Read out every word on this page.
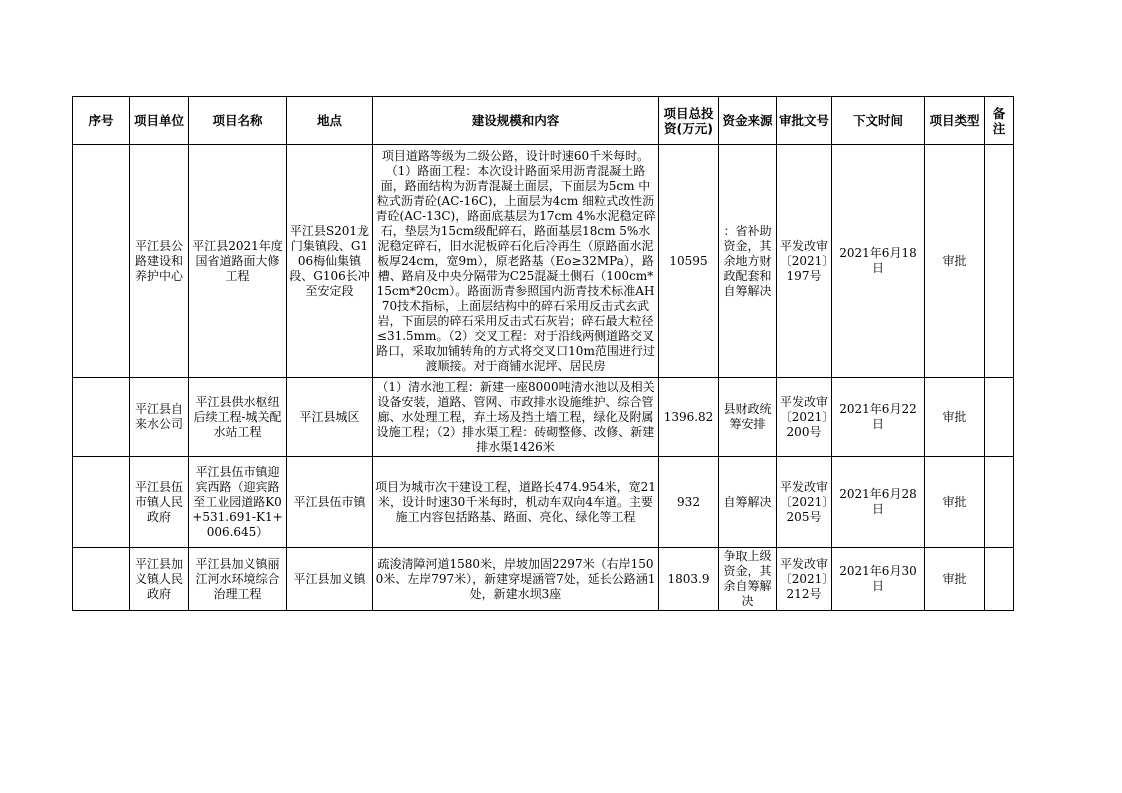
序号	项目单位	项目名称	地点	建设规模和内容	项目总投资(万元)	资金来源	审批文号	下文时间	项目类型	备注
	平江县公路建设和养护中心	平江县2021年度国省道路面大修工程	平江县S201龙门集镇段、G106梅仙集镇段、G106长冲至安定段	项目道路等级为二级公路，设计时速60千米每时。（1）路面工程：本次设计路面采用沥青混凝土路面，路面结构为沥青混凝土面层，下面层为5cm 中粒式沥青砼(AC-16C)，上面层为4cm 细粒式改性沥青砼(AC-13C)，路面底基层为17cm 4%水泥稳定碎石，垫层为15cm级配碎石，路面基层18cm 5%水泥稳定碎石，旧水泥板碎石化后冷再生（原路面水泥板厚24cm，宽9m），原老路基（Eo≥32MPa），路槽、路肩及中央分隔带为C25混凝土侧石（100cm*15cm*20cm）。路面沥青参照国内沥青技术标准AH70技术指标，上面层结构中的碎石采用反击式玄武岩，下面层的碎石采用反击式石灰岩；碎石最大粒径≤31.5mm。（2）交叉工程：对于沿线两侧道路交叉路口，采取加铺转角的方式将交叉口10m范围进行过渡顺接。对于商铺水泥坪、居民房	10595	：省补助资金，其余地方财政配套和自筹解决	平发改审〔2021〕197号	2021年6月18日	审批	
	平江县自来水公司	平江县供水枢纽后续工程-城关配水站工程	平江县城区	（1）清水池工程：新建一座8000吨清水池以及相关设备安装，道路、管网、市政排水设施维护、综合管廊、水处理工程，弃土场及挡土墙工程，绿化及附属设施工程；（2）排水渠工程：砖砌整修、改修、新建排水渠1426米	1396.82	县财政统筹安排	平发改审〔2021〕200号	2021年6月22日	审批	
	平江县伍市镇人民政府	平江县伍市镇迎宾西路（迎宾路至工业园道路K0+531.691-K1+006.645）	平江县伍市镇	项目为城市次干建设工程，道路长474.954米，宽21米，设计时速30千米每时，机动车双向4车道。主要施工内容包括路基、路面、亮化、绿化等工程	932	自筹解决	平发改审〔2021〕205号	2021年6月28日	审批	
	平江县加义镇人民政府	平江县加义镇丽江河水环境综合治理工程	平江县加义镇	疏浚清障河道1580米，岸坡加固2297米（右岸1500米、左岸797米），新建穿堤涵管7处，延长公路涵1处，新建水坝3座	1803.9	争取上级资金，其余自筹解决	平发改审〔2021〕212号	2021年6月30日	审批	
